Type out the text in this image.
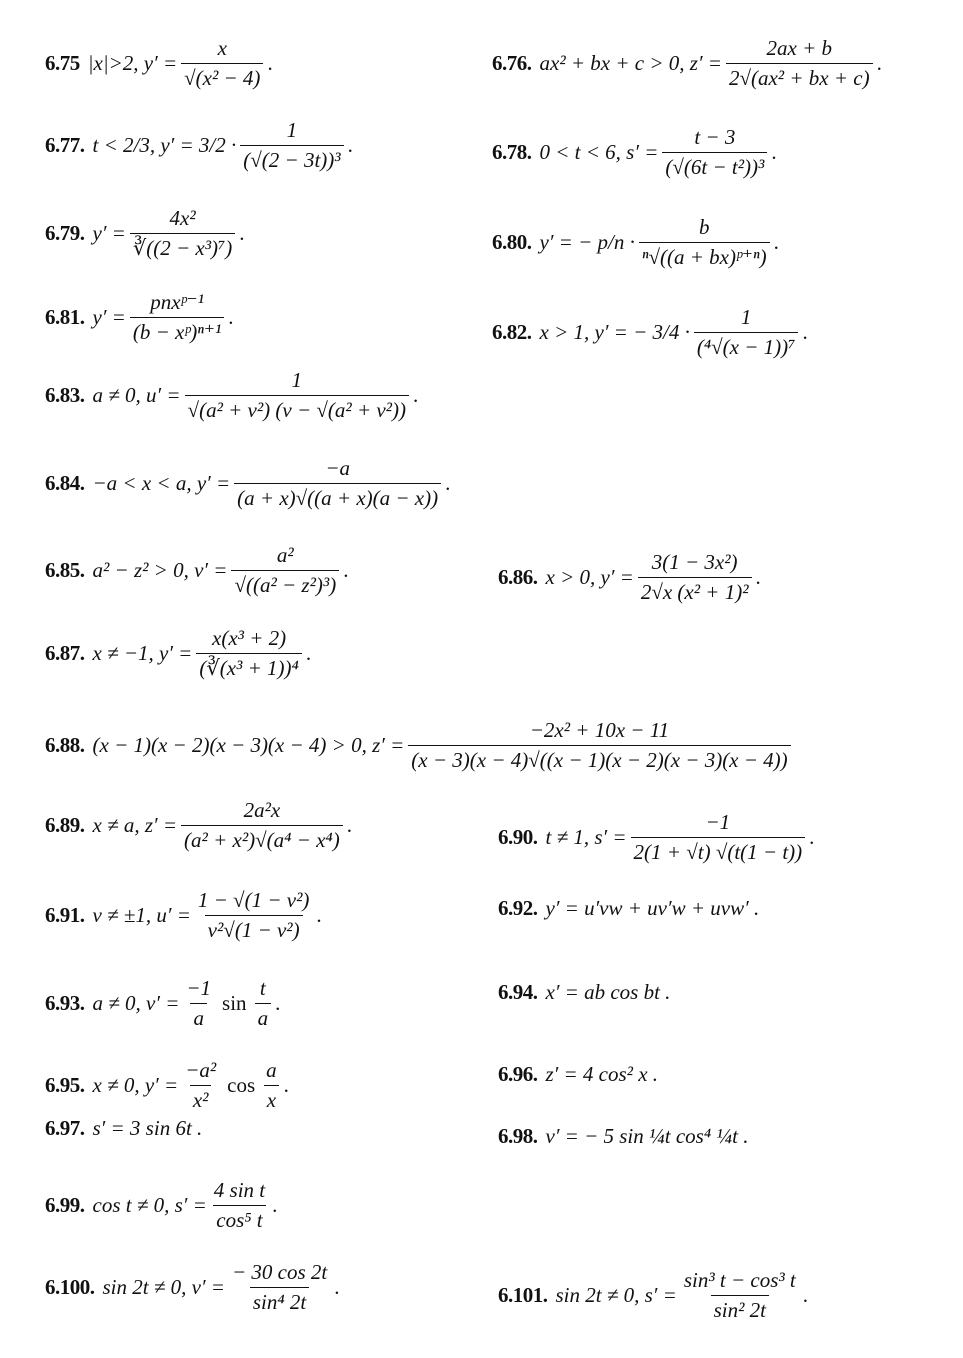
6.75 |x|>2, $y' = \frac{x}{\text{√(x² − 4)}}$ .	6.76. ax² + bx + c > 0, $z' = \frac{2ax + b}{\text{2√(ax² + bx + c)}}$ .
6.77. t < 2/3, $y' = 3/2 \cdot \frac{1}{\text{(√(2 − 3t))³}}$ .	6.78. 0 < t < 6, $s' = \frac{t - 3}{\text{(√(6t − t²))³}}$ .
6.79. $y' = \frac{\text{4x²}}{\text{∛((2 − x³)⁷)}}$ .	6.80. y′ = − $p/n \cdot \frac{b}{\text{ⁿ√((a + bx)ᵖ⁺ⁿ)}}$ .
6.81. $y' = \frac{\text{pnxᵖ⁻¹}}{\text{(b − xᵖ)ⁿ⁺¹}}$ .
6.82. x > 1, y′ = − $3/4 \cdot \frac{1}{\text{(⁴√(x − 1))⁷}}$ .
6.83. a ≠ 0, $u' = \frac{1}{\text{√(a² + v²) (v − √(a² + v²))}}$ .
6.84. −a < x < a, $y' = \frac{-a}{(a + x)√((a + x)(a - x))}$ .
6.85. a² − z² > 0, $v' = \frac{\text{a²}}{\text{√((a² − z²)³)}}$ .	6.86. x > 0, $y' = \frac{\text{3(1 − 3x²)}}{\text{2√x (x² + 1)²}}$ .
6.87. x ≠ −1, $y' = \frac{\text{x(x³ + 2)}}{\text{(∛(x³ + 1))⁴}}$ .
6.88. (x − 1)(x − 2)(x − 3)(x − 4) > 0, $z' = \frac{\text{−2x² + 10x − 11}}{(x - 3)(x - 4)√((x - 1)(x - 2)(x - 3)(x - 4))}$
6.89. x ≠ a, $z' = \frac{\text{2a²x}}{\text{(a² + x²)√(a⁴ − x⁴)}}$ .	6.90. t ≠ 1, $s' = \frac{-1}{2(1 + √t) √(t(1 - t))}$ .
6.91. v ≠ ±1, $u' = \frac{\text{1 − √(1 − v²)}}{\text{v²√(1 − v²)}}$ .	6.92. y′ = u′vw + uv′w + uvw′ .
6.93. a ≠ 0, $v' = \frac{-1}{a}$ $\sin \frac{t}{a}$ .	6.94. x′ = ab cos bt .
6.95. x ≠ 0, $y' = \frac{\text{−a²}}{\text{x²}}$ $\cos \frac{a}{x}$ .	6.96. z′ = 4 cos² x .
6.97. s′ = 3 sin 6t .	6.98. v′ = − 5 sin ¼t cos⁴ ¼t .
6.99. cos t ≠ 0, $s' = \frac{\text{4 sin t}}{\text{cos⁵ t}}$ .
6.100. sin 2t ≠ 0, $v' = \frac{- 30 \cos 2t}{\text{sin⁴ 2t}}$ .	6.101. sin 2t ≠ 0, $s' = \frac{\text{sin³ t − cos³ t}}{\text{sin² 2t}}$ .
